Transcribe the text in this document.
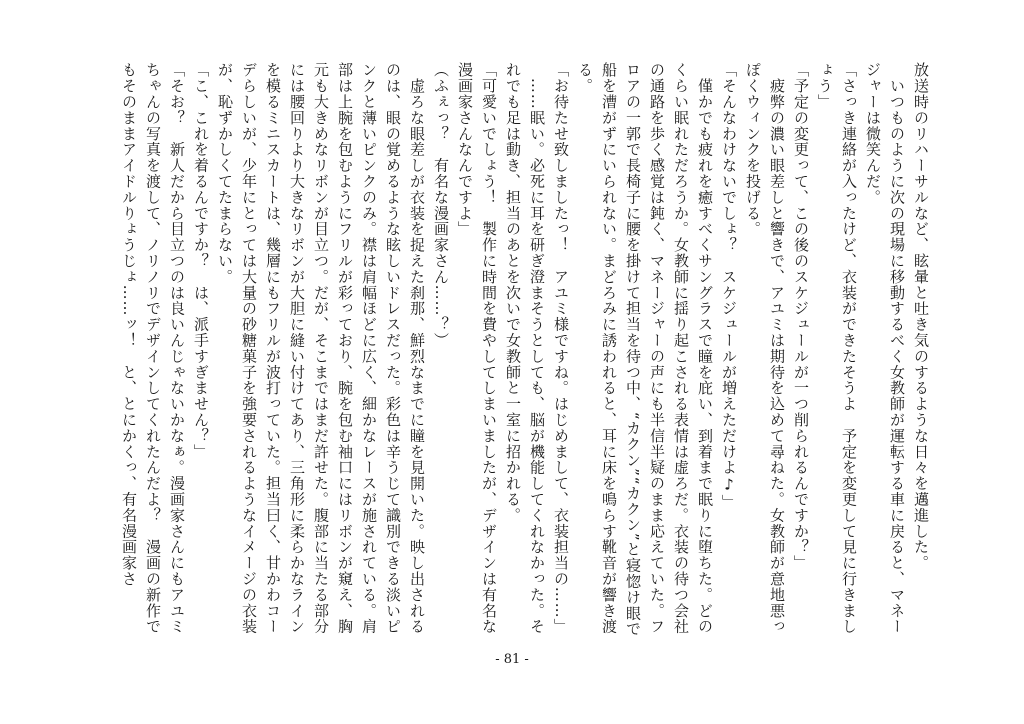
放送時のリハーサルなど、眩暈と吐き気のするような日々を邁進した。

　いつものように次の現場に移動するべく女教師が運転する車に戻ると、マネージャーは微笑んだ。

「さっき連絡が入ったけど、衣装ができたそうよ　予定を変更して見に行きましょう」

「予定の変更って、この後のスケジュールが一つ削られるんですか？」

　疲弊の濃い眼差しと響きで、アユミは期待を込めて尋ねた。女教師が意地悪っぽくウィンクを投げる。

「そんなわけないでしょ？　スケジュールが増えただけよ♪」

　僅かでも疲れを癒すべくサングラスで瞳を庇い、到着まで眠りに堕ちた。どのくらい眠れただろうか。女教師に揺り起こされる表情は虚ろだ。衣装の待つ会社の通路を歩く感覚は鈍く、マネージャーの声にも半信半疑のまま応えていた。フロアの一郭で長椅子に腰を掛けて担当を待つ中、“カクン”“カクン”と寝惚け眼で船を漕がずにいられない。まどろみに誘われると、耳に床を鳴らす靴音が響き渡る。

「お待たせ致しましたっ！　アユミ様ですね。はじめまして、衣装担当の……」

　……眠い。必死に耳を研ぎ澄まそうとしても、脳が機能してくれなかった。それでも足は動き、担当のあとを次いで女教師と一室に招かれる。

「可愛いでしょう！　製作に時間を費やしてしまいましたが、デザインは有名な漫画家さんなんですよ」

（ふぇっ？　有名な漫画家さん……？）

　虚ろな眼差しが衣装を捉えた刹那、鮮烈なまでに瞳を見開いた。映し出されるのは、眼の覚めるような眩しいドレスだった。彩色は辛うじて識別できる淡いピンクと薄いピンクのみ。襟は肩幅ほどに広く、細かなレースが施されている。肩部は上腕を包むようにフリルが彩っており、腕を包む袖口にはリボンが窺え、胸元も大きめなリボンが目立つ。だが、そこまではまだ許せた。腹部に当たる部分には腰回りより大きなリボンが大胆に縫い付けてあり、三角形に柔らかなラインを模るミニスカートは、幾層にもフリルが波打っていた。担当曰く、甘かわコーデらしいが、少年にとっては大量の砂糖菓子を強要されるようなイメージの衣装が、恥ずかしくてたまらない。

「こ、これを着るんですか？　は、派手すぎません？」

「そお？　新人だから目立つのは良いんじゃないかなぁ。漫画家さんにもアユミちゃんの写真を渡して、ノリノリでデザインしてくれたんだよ？　漫画の新作でもそのままアイドルりょうじょ……ッ！　と、とにかくっ、有名漫画家さ

- 81 -
